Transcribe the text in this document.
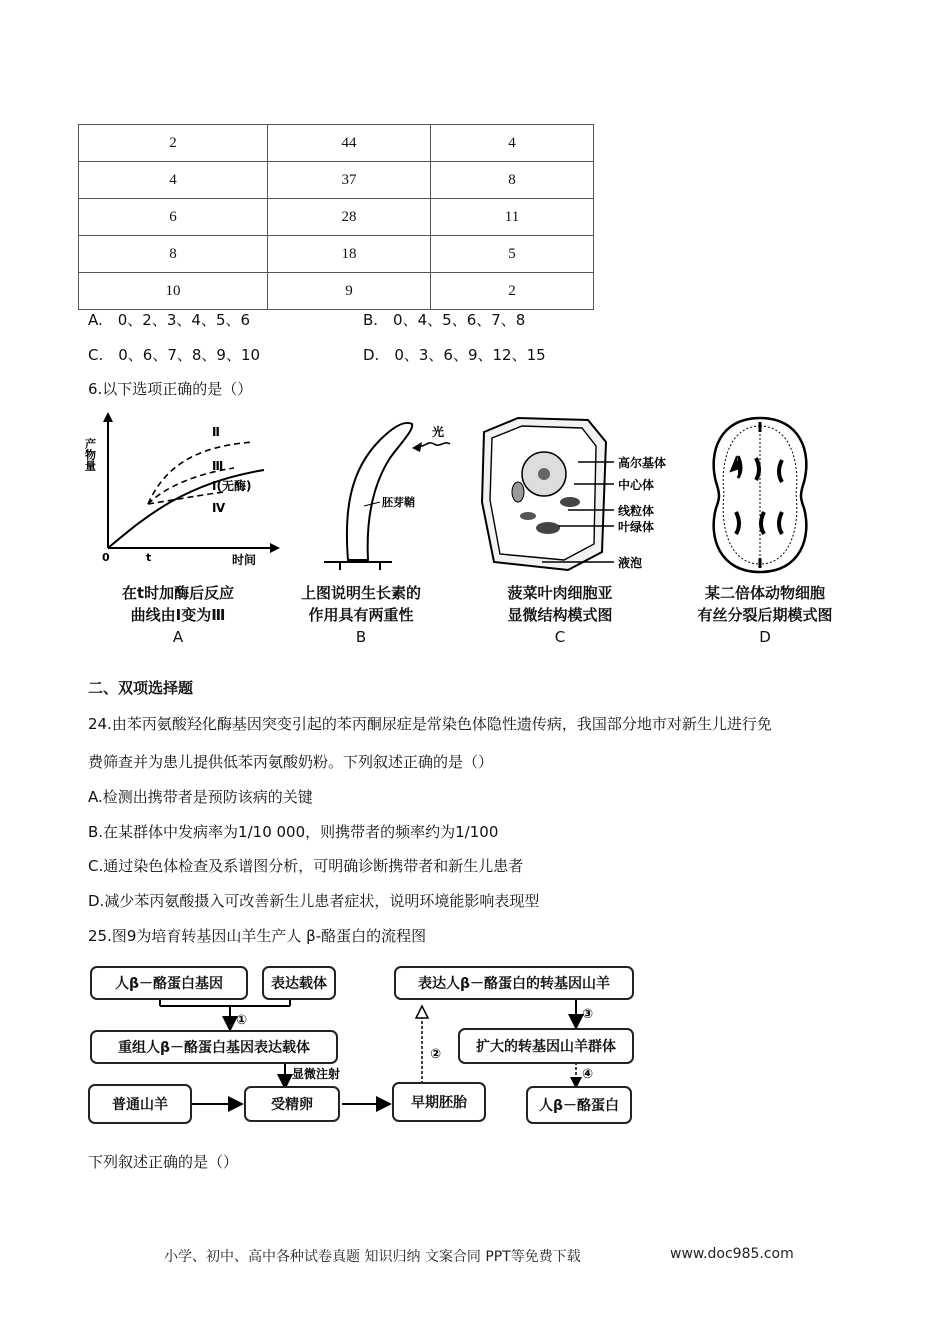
2	44	4
4	37	8
6	28	11
8	18	5
10	9	2
A.　0、2、3、4、5、6	B.　0、4、5、6、7、8
C.　0、6、7、8、9、10	D.　0、3、6、9、12、15
6.以下选项正确的是（）
产物量
时间
0	t
Ⅱ
Ⅲ
Ⅰ(无酶)
Ⅳ
在t时加酶后反应
曲线由Ⅰ变为Ⅲ
A
光
胚芽鞘
上图说明生长素的
作用具有两重性
B
高尔基体
中心体
线粒体
叶绿体
液泡
菠菜叶肉细胞亚
显微结构模式图
C
某二倍体动物细胞
有丝分裂后期模式图
D
二、双项选择题
24.由苯丙氨酸羟化酶基因突变引起的苯丙酮尿症是常染色体隐性遗传病，我国部分地市对新生儿进行免
费筛查并为患儿提供低苯丙氨酸奶粉。下列叙述正确的是（）
A.检测出携带者是预防该病的关键
B.在某群体中发病率为1/10 000，则携带者的频率约为1/100
C.通过染色体检查及系谱图分析，可明确诊断携带者和新生儿患者
D.减少苯丙氨酸摄入可改善新生儿患者症状，说明环境能影响表现型
25.图9为培育转基因山羊生产人 β-酪蛋白的流程图
①
显微注射
②
③
④
人β－酪蛋白基因	表达载体
重组人β－酪蛋白基因表达载体
普通山羊	受精卵	早期胚胎
表达人β－酪蛋白的转基因山羊
扩大的转基因山羊群体
人β－酪蛋白
下列叙述正确的是（）
小学、初中、高中各种试卷真题 知识归纳 文案合同 PPT等免费下载	www.doc985.com
